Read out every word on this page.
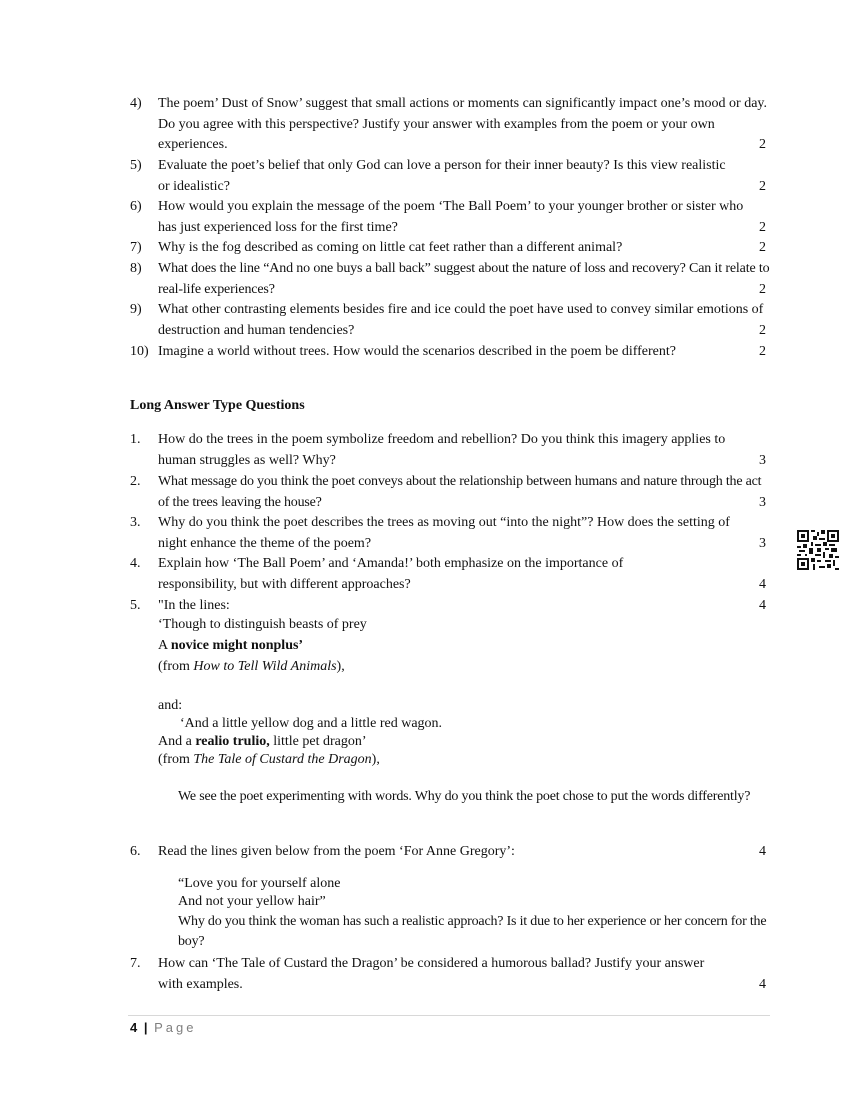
4) The poem’ Dust of Snow’ suggest that small actions or moments can significantly impact one’s mood or day. Do you agree with this perspective? Justify your answer with examples from the poem or your own experiences.	2
5) Evaluate the poet’s belief that only God can love a person for their inner beauty? Is this view realistic or idealistic?	2
6) How would you explain the message of the poem ‘The Ball Poem’ to your younger brother or sister who has just experienced loss for the first time?	2
7) Why is the fog described as coming on little cat feet rather than a different animal?	2
8) What does the line “And no one buys a ball back” suggest about the nature of loss and recovery? Can it relate to real-life experiences?	2
9) What other contrasting elements besides fire and ice could the poet have used to convey similar emotions of destruction and human tendencies?	2
10) Imagine a world without trees. How would the scenarios described in the poem be different?	2
Long Answer Type Questions
1. How do the trees in the poem symbolize freedom and rebellion? Do you think this imagery applies to human struggles as well? Why?	3
2. What message do you think the poet conveys about the relationship between humans and nature through the act of the trees leaving the house?	3
3. Why do you think the poet describes the trees as moving out “into the night”? How does the setting of night enhance the theme of the poem?	3
4. Explain how ‘The Ball Poem’ and ‘Amanda!’ both emphasize on the importance of responsibility, but with different approaches?	4
5. "In the lines:	4
‘Though to distinguish beasts of prey
A novice might nonplus’
(from How to Tell Wild Animals),
and:
‘And a little yellow dog and a little red wagon.
And a realio trulio, little pet dragon’
(from The Tale of Custard the Dragon),
We see the poet experimenting with words. Why do you think the poet chose to put the words differently?
6. Read the lines given below from the poem ‘For Anne Gregory’:	4
“Love you for yourself alone
And not your yellow hair”
Why do you think the woman has such a realistic approach? Is it due to her experience or her concern for the boy?
7. How can ‘The Tale of Custard the Dragon’ be considered a humorous ballad? Justify your answer with examples.	4
4 | Page
